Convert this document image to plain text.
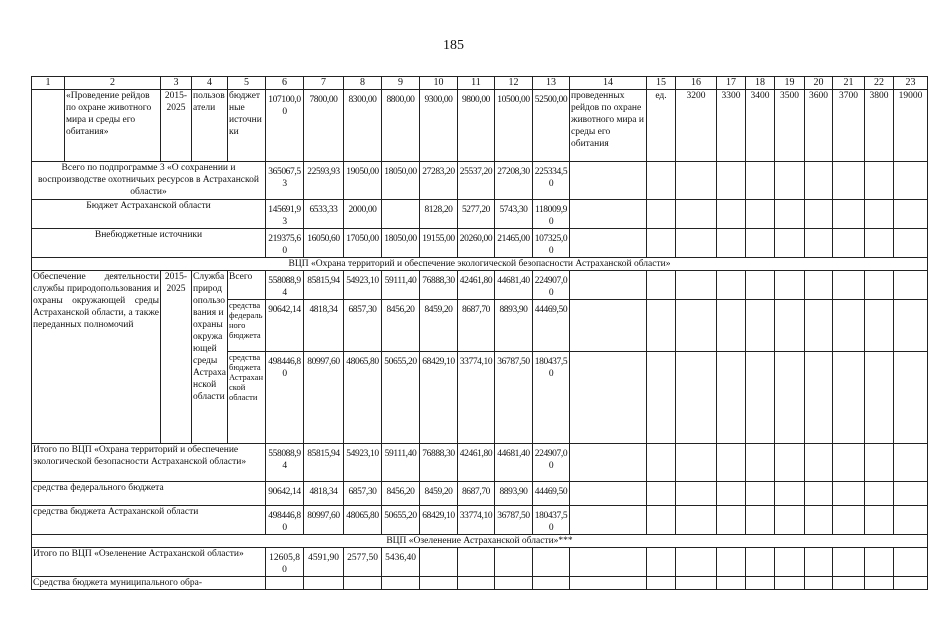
185
1	2	3	4	5	6	7	8	9	10	11	12	13	14	15	16	17	18	19	20	21	22	23
	«Проведение рейдов по охране животного мира и среды его обитания»	2015-2025	пользователи	бюджетные источники	107100,00	7800,00	8300,00	8800,00	9300,00	9800,00	10500,00	52500,00	проведенных рейдов по охране животного мира и среды его обитания	ед.	3200	3300	3400	3500	3600	3700	3800	19000
Всего по подпрограмме 3 «О сохранении и воспроизводстве охотничьих ресурсов в Астраханской области»					365067,53	22593,93	19050,00	18050,00	27283,20	25537,20	27208,30	225334,50										
Бюджет Астраханской области					145691,93	6533,33	2000,00		8128,20	5277,20	5743,30	118009,90										
Внебюджетные источники					219375,60	16050,60	17050,00	18050,00	19155,00	20260,00	21465,00	107325,00										
ВЦП «Охрана территорий и обеспечение экологической безопасности Астраханской области»																						
Обеспечение деятельности службы природопользования и охраны окружающей среды Астраханской области, а также переданных полномочий		2015-2025	Служба природопользования и охраны окружающей среды Астраханской области	Всего	558088,94	85815,94	54923,10	59111,40	76888,30	42461,80	44681,40	224907,00										
				средства федерального бюджета	90642,14	4818,34	6857,30	8456,20	8459,20	8687,70	8893,90	44469,50										
				средства бюджета Астраханской области	498446,80	80997,60	48065,80	50655,20	68429,10	33774,10	36787,50	180437,50										
Итого по ВЦП «Охрана территорий и обеспечение экологической безопасности Астраханской области»					558088,94	85815,94	54923,10	59111,40	76888,30	42461,80	44681,40	224907,00										
средства федерального бюджета					90642,14	4818,34	6857,30	8456,20	8459,20	8687,70	8893,90	44469,50										
средства бюджета Астраханской области					498446,80	80997,60	48065,80	50655,20	68429,10	33774,10	36787,50	180437,50										
ВЦП «Озеленение Астраханской области»***																						
Итого по ВЦП «Озеленение Астраханской области»					12605,80	4591,90	2577,50	5436,40														
Средства бюджета муниципального обра-																						
